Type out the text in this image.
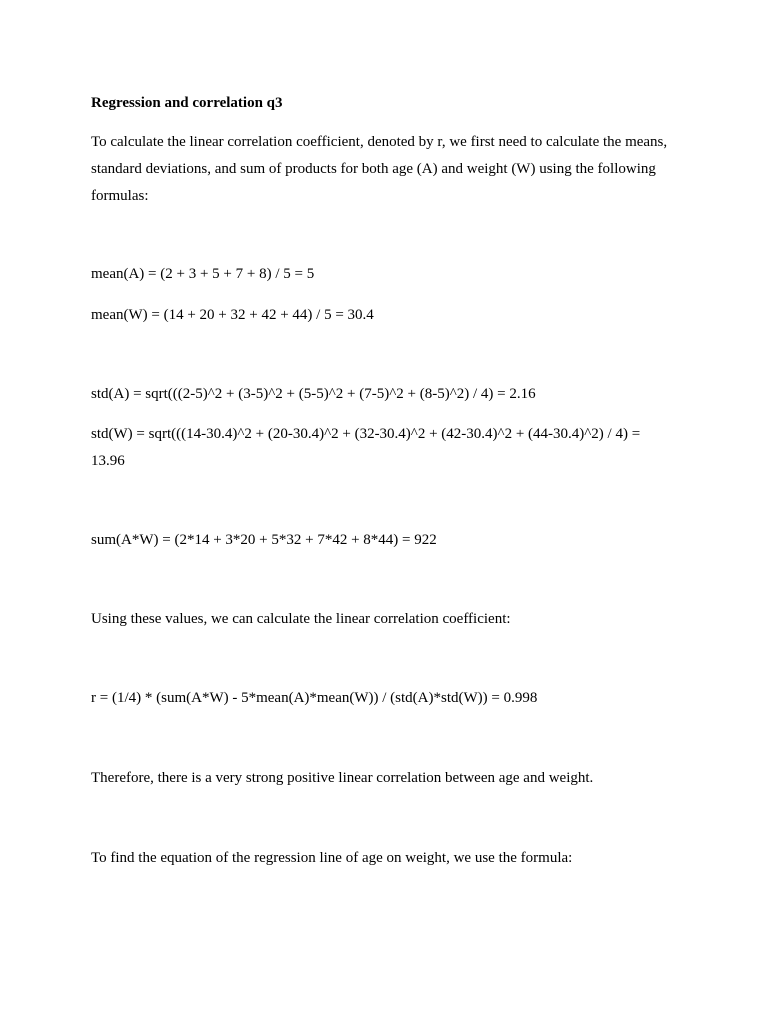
Regression and correlation q3

To calculate the linear correlation coefficient, denoted by r, we first need to calculate the means,

standard deviations, and sum of products for both age (A) and weight (W) using the following

formulas:

mean(A) = (2 + 3 + 5 + 7 + 8) / 5 = 5

mean(W) = (14 + 20 + 32 + 42 + 44) / 5 = 30.4

std(A) = sqrt(((2-5)^2 + (3-5)^2 + (5-5)^2 + (7-5)^2 + (8-5)^2) / 4) = 2.16

std(W) = sqrt(((14-30.4)^2 + (20-30.4)^2 + (32-30.4)^2 + (42-30.4)^2 + (44-30.4)^2) / 4) =

13.96

sum(A*W) = (2*14 + 3*20 + 5*32 + 7*42 + 8*44) = 922

Using these values, we can calculate the linear correlation coefficient:

r = (1/4) * (sum(A*W) - 5*mean(A)*mean(W)) / (std(A)*std(W)) = 0.998

Therefore, there is a very strong positive linear correlation between age and weight.

To find the equation of the regression line of age on weight, we use the formula:
